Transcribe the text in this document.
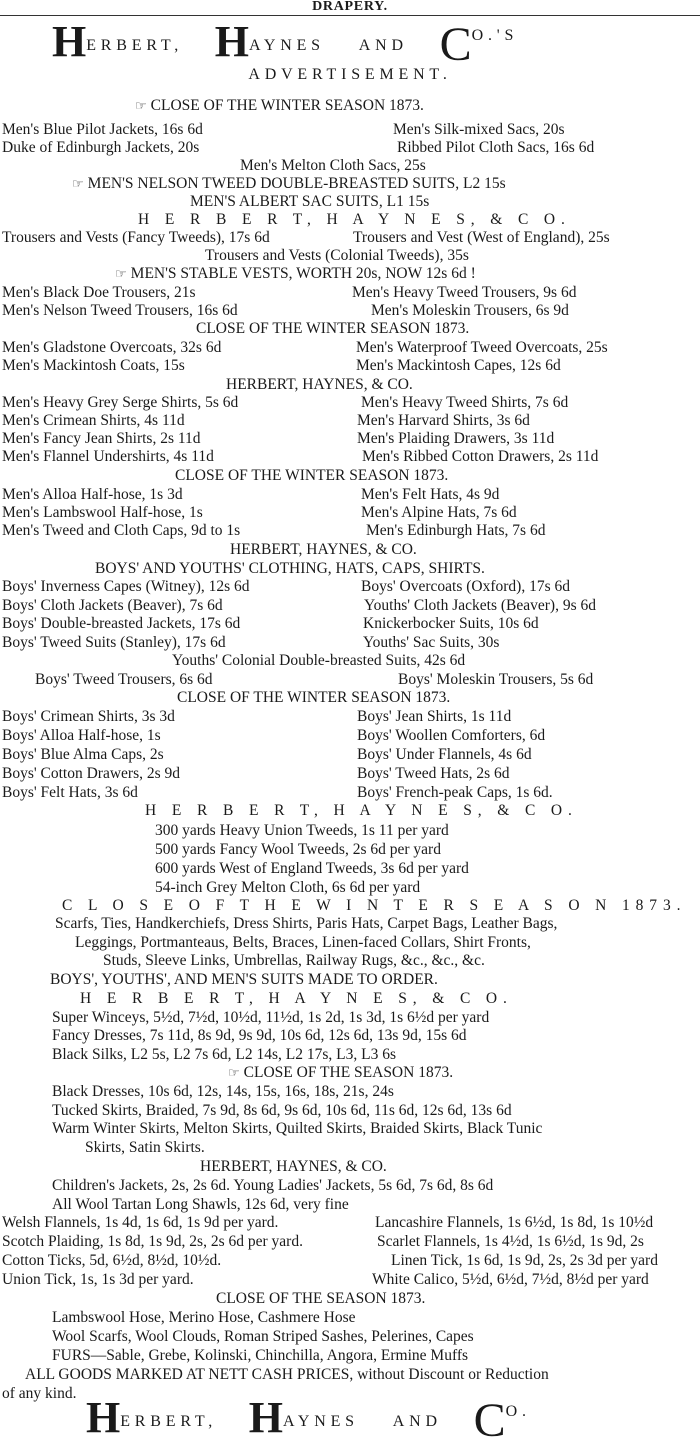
DRAPERY.
HERBERT, HAYNES AND CO.'S
ADVERTISEMENT.
☞ CLOSE OF THE WINTER SEASON 1873.
Men's Blue Pilot Jackets, 16s 6d	Men's Silk-mixed Sacs, 20s
Duke of Edinburgh Jackets, 20s	Ribbed Pilot Cloth Sacs, 16s 6d
Men's Melton Cloth Sacs, 25s
☞ MEN'S NELSON TWEED DOUBLE-BREASTED SUITS, L2 15s
MEN'S ALBERT SAC SUITS, L1 15s
H E R B E R T, H A Y N E S, & C O.
Trousers and Vests (Fancy Tweeds), 17s 6d	Trousers and Vest (West of England), 25s
Trousers and Vests (Colonial Tweeds), 35s
☞ MEN'S STABLE VESTS, WORTH 20s, NOW 12s 6d !
Men's Black Doe Trousers, 21s	Men's Heavy Tweed Trousers, 9s 6d
Men's Nelson Tweed Trousers, 16s 6d	Men's Moleskin Trousers, 6s 9d
CLOSE OF THE WINTER SEASON 1873.
Men's Gladstone Overcoats, 32s 6d	Men's Waterproof Tweed Overcoats, 25s
Men's Mackintosh Coats, 15s	Men's Mackintosh Capes, 12s 6d
HERBERT, HAYNES, & CO.
Men's Heavy Grey Serge Shirts, 5s 6d	Men's Heavy Tweed Shirts, 7s 6d
Men's Crimean Shirts, 4s 11d	Men's Harvard Shirts, 3s 6d
Men's Fancy Jean Shirts, 2s 11d	Men's Plaiding Drawers, 3s 11d
Men's Flannel Undershirts, 4s 11d	Men's Ribbed Cotton Drawers, 2s 11d
CLOSE OF THE WINTER SEASON 1873.
Men's Alloa Half-hose, 1s 3d	Men's Felt Hats, 4s 9d
Men's Lambswool Half-hose, 1s	Men's Alpine Hats, 7s 6d
Men's Tweed and Cloth Caps, 9d to 1s	Men's Edinburgh Hats, 7s 6d
HERBERT, HAYNES, & CO.
BOYS' AND YOUTHS' CLOTHING, HATS, CAPS, SHIRTS.
Boys' Inverness Capes (Witney), 12s 6d	Boys' Overcoats (Oxford), 17s 6d
Boys' Cloth Jackets (Beaver), 7s 6d	Youths' Cloth Jackets (Beaver), 9s 6d
Boys' Double-breasted Jackets, 17s 6d	Knickerbocker Suits, 10s 6d
Boys' Tweed Suits (Stanley), 17s 6d	Youths' Sac Suits, 30s
Youths' Colonial Double-breasted Suits, 42s 6d
Boys' Tweed Trousers, 6s 6d	Boys' Moleskin Trousers, 5s 6d
CLOSE OF THE WINTER SEASON 1873.
Boys' Crimean Shirts, 3s 3d	Boys' Jean Shirts, 1s 11d
Boys' Alloa Half-hose, 1s	Boys' Woollen Comforters, 6d
Boys' Blue Alma Caps, 2s	Boys' Under Flannels, 4s 6d
Boys' Cotton Drawers, 2s 9d	Boys' Tweed Hats, 2s 6d
Boys' Felt Hats, 3s 6d	Boys' French-peak Caps, 1s 6d.
H E R B E R T, H A Y N E S, & C O.
300 yards Heavy Union Tweeds, 1s 11 per yard
500 yards Fancy Wool Tweeds, 2s 6d per yard
600 yards West of England Tweeds, 3s 6d per yard
54-inch Grey Melton Cloth, 6s 6d per yard
C L O S E O F T H E W I N T E R S E A S O N 1873.
Scarfs, Ties, Handkerchiefs, Dress Shirts, Paris Hats, Carpet Bags, Leather Bags,
Leggings, Portmanteaus, Belts, Braces, Linen-faced Collars, Shirt Fronts,
Studs, Sleeve Links, Umbrellas, Railway Rugs, &c., &c., &c.
BOYS', YOUTHS', AND MEN'S SUITS MADE TO ORDER.
H E R B E R T, H A Y N E S, & C O.
Super Winceys, 5½d, 7½d, 10½d, 11½d, 1s 2d, 1s 3d, 1s 6½d per yard
Fancy Dresses, 7s 11d, 8s 9d, 9s 9d, 10s 6d, 12s 6d, 13s 9d, 15s 6d
Black Silks, L2 5s, L2 7s 6d, L2 14s, L2 17s, L3, L3 6s
☞ CLOSE OF THE SEASON 1873.
Black Dresses, 10s 6d, 12s, 14s, 15s, 16s, 18s, 21s, 24s
Tucked Skirts, Braided, 7s 9d, 8s 6d, 9s 6d, 10s 6d, 11s 6d, 12s 6d, 13s 6d
Warm Winter Skirts, Melton Skirts, Quilted Skirts, Braided Skirts, Black Tunic
Skirts, Satin Skirts.
HERBERT, HAYNES, & CO.
Children's Jackets, 2s, 2s 6d. Young Ladies' Jackets, 5s 6d, 7s 6d, 8s 6d
All Wool Tartan Long Shawls, 12s 6d, very fine
Welsh Flannels, 1s 4d, 1s 6d, 1s 9d per yard.	Lancashire Flannels, 1s 6½d, 1s 8d, 1s 10½d
Scotch Plaiding, 1s 8d, 1s 9d, 2s, 2s 6d per yard.	Scarlet Flannels, 1s 4½d, 1s 6½d, 1s 9d, 2s
Cotton Ticks, 5d, 6½d, 8½d, 10½d.	Linen Tick, 1s 6d, 1s 9d, 2s, 2s 3d per yard
Union Tick, 1s, 1s 3d per yard.	White Calico, 5½d, 6½d, 7½d, 8½d per yard
CLOSE OF THE SEASON 1873.
Lambswool Hose, Merino Hose, Cashmere Hose
Wool Scarfs, Wool Clouds, Roman Striped Sashes, Pelerines, Capes
FURS—Sable, Grebe, Kolinski, Chinchilla, Angora, Ermine Muffs
ALL GOODS MARKED AT NETT CASH PRICES, without Discount or Reduction
of any kind. HERBERT, HAYNES AND CO.
